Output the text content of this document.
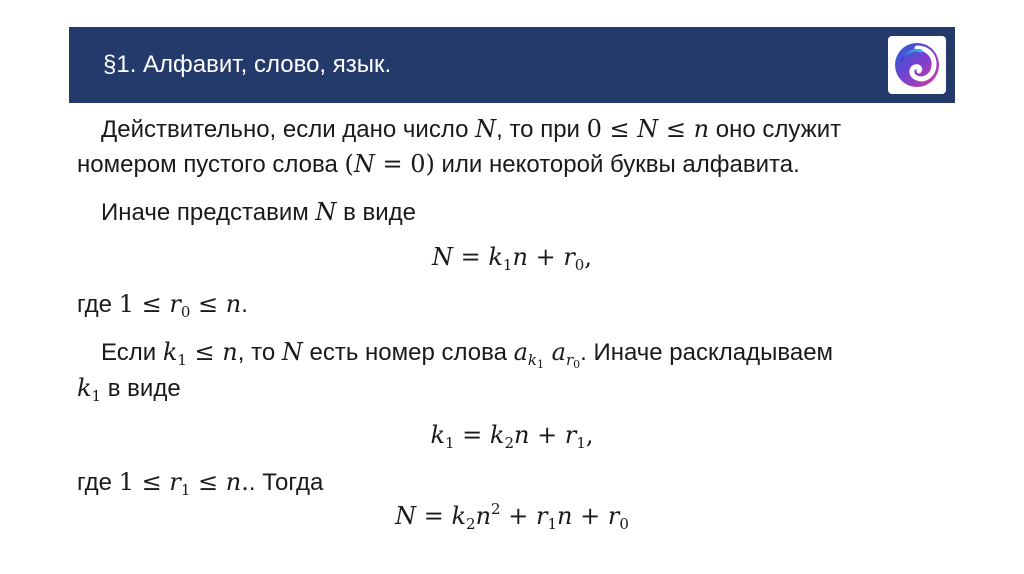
§1. Алфавит, слово, язык.
Действительно, если дано число N, то при 0 ≤ N ≤ n оно служит
номером пустого слова (N = 0) или некоторой буквы алфавита.
Иначе представим N в виде
$N = k_1n + r_0$,
где $1 \le r_0 \le n$.
Если $k_1 \le n$, то N есть номер слова $a_{k_1}$ $a_{r_0}$. Иначе раскладываем
$k_1$ в виде
$k_1 = k_2n + r_1$,
где $1 \le r_1 \le n$.. Тогда
$N = k_2n^2 + r_1n + r_0$
